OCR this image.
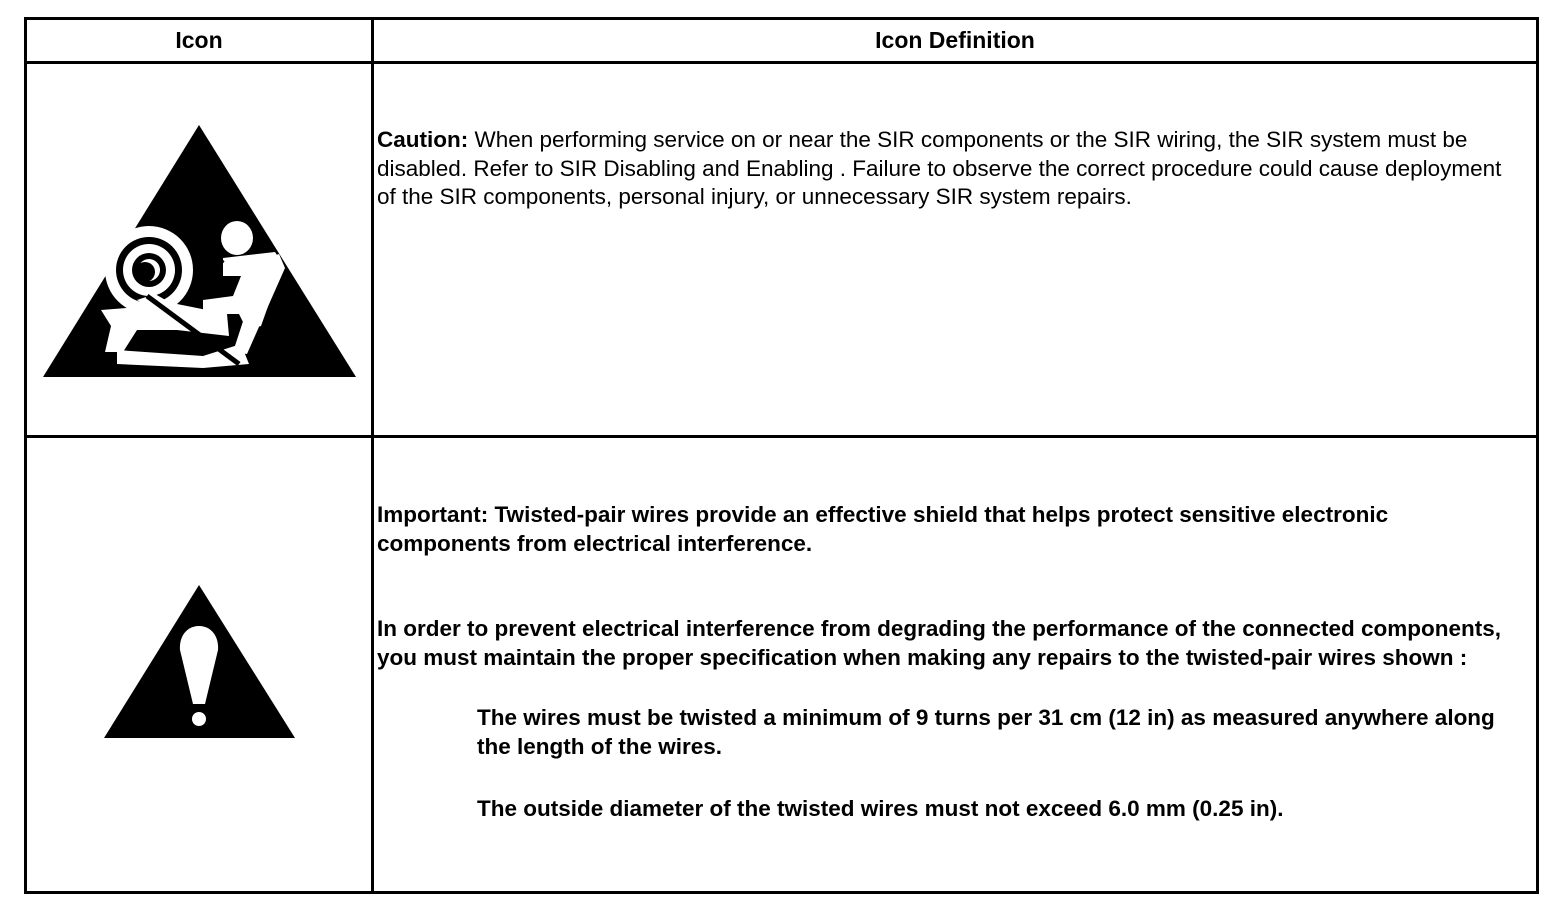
Icon	Icon Definition

Caution: When performing service on or near the SIR components or the SIR wiring, the SIR system must be disabled. Refer to SIR Disabling and Enabling . Failure to observe the correct procedure could cause deployment of the SIR components, personal injury, or unnecessary SIR system repairs.

Important: Twisted-pair wires provide an effective shield that helps protect sensitive electronic components from electrical interference.

In order to prevent electrical interference from degrading the performance of the connected components, you must maintain the proper specification when making any repairs to the twisted-pair wires shown :

The wires must be twisted a minimum of 9 turns per 31 cm (12 in) as measured anywhere along the length of the wires.

The outside diameter of the twisted wires must not exceed 6.0 mm (0.25 in).
